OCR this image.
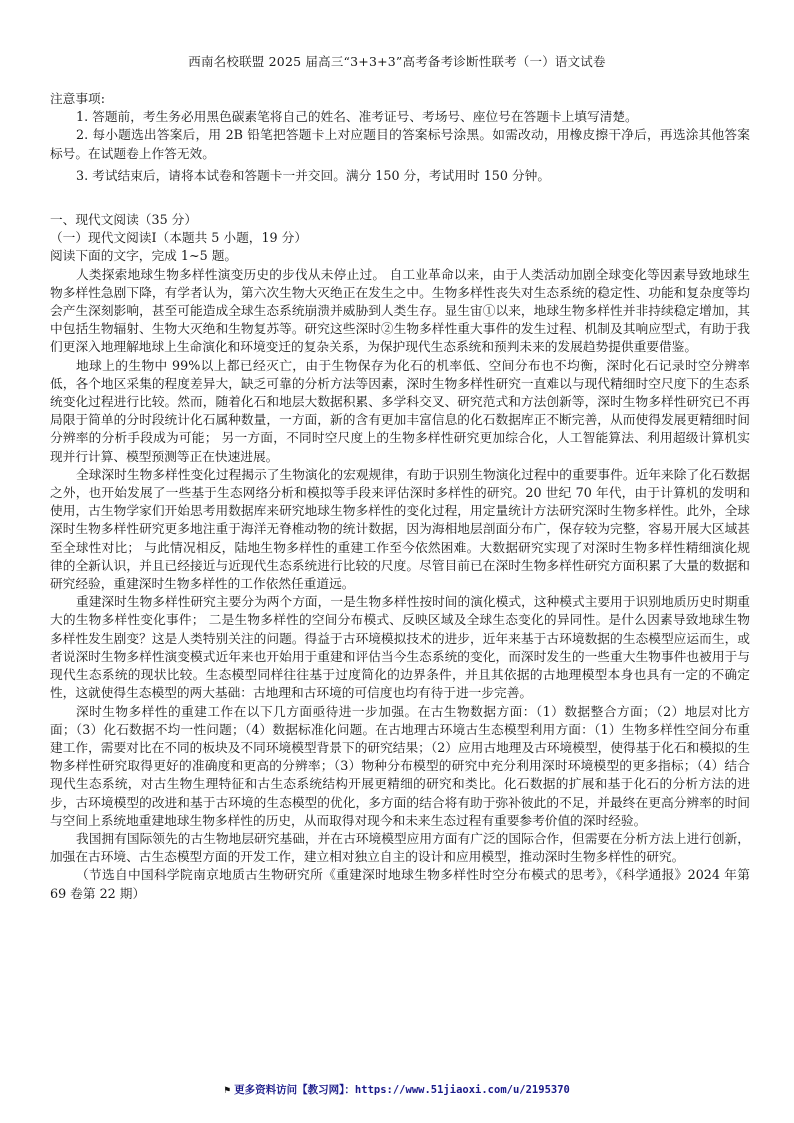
西南名校联盟 2025 届高三“3+3+3”高考备考诊断性联考（一）语文试卷

注意事项:

1. 答题前，考生务必用黑色碳素笔将自己的姓名、准考证号、考场号、座位号在答题卡上填写清楚。

2. 每小题选出答案后，用 2B 铅笔把答题卡上对应题目的答案标号涂黑。如需改动，用橡皮擦干净后，再选涂其他答案标号。在试题卷上作答无效。

3. 考试结束后，请将本试卷和答题卡一并交回。满分 150 分，考试用时 150 分钟。

一、现代文阅读（35 分）

（一）现代文阅读Ⅰ（本题共 5 小题，19 分）

阅读下面的文字，完成 1~5 题。

人类探索地球生物多样性演变历史的步伐从未停止过。 自工业革命以来，由于人类活动加剧全球变化等因素导致地球生物多样性急剧下降，有学者认为，第六次生物大灭绝正在发生之中。生物多样性丧失对生态系统的稳定性、功能和复杂度等均会产生深刻影响，甚至可能造成全球生态系统崩溃并威胁到人类生存。显生宙①以来，地球生物多样性并非持续稳定增加，其中包括生物辐射、生物大灭绝和生物复苏等。研究这些深时②生物多样性重大事件的发生过程、机制及其响应型式，有助于我们更深入地理解地球上生命演化和环境变迁的复杂关系，为保护现代生态系统和预判未来的发展趋势提供重要借鉴。

地球上的生物中 99%以上都已经灭亡，由于生物保存为化石的机率低、空间分布也不均衡，深时化石记录时空分辨率低，各个地区采集的程度差异大，缺乏可靠的分析方法等因素，深时生物多样性研究一直难以与现代精细时空尺度下的生态系统变化过程进行比较。然而，随着化石和地层大数据积累、多学科交叉、研究范式和方法创新等，深时生物多样性研究已不再局限于简单的分时段统计化石属种数量，一方面，新的含有更加丰富信息的化石数据库正不断完善，从而使得发展更精细时间分辨率的分析手段成为可能； 另一方面，不同时空尺度上的生物多样性研究更加综合化，人工智能算法、利用超级计算机实现并行计算、模型预测等正在快速进展。

全球深时生物多样性变化过程揭示了生物演化的宏观规律，有助于识别生物演化过程中的重要事件。近年来除了化石数据之外，也开始发展了一些基于生态网络分析和模拟等手段来评估深时多样性的研究。20 世纪 70 年代，由于计算机的发明和使用，古生物学家们开始思考用数据库来研究地球生物多样性的变化过程，用定量统计方法研究深时生物多样性。此外，全球深时生物多样性研究更多地注重于海洋无脊椎动物的统计数据，因为海相地层剖面分布广，保存较为完整，容易开展大区域甚至全球性对比； 与此情况相反，陆地生物多样性的重建工作至今依然困难。大数据研究实现了对深时生物多样性精细演化规律的全新认识，并且已经接近与近现代生态系统进行比较的尺度。尽管目前已在深时生物多样性研究方面积累了大量的数据和研究经验，重建深时生物多样性的工作依然任重道远。

重建深时生物多样性研究主要分为两个方面，一是生物多样性按时间的演化模式，这种模式主要用于识别地质历史时期重大的生物多样性变化事件； 二是生物多样性的空间分布模式、反映区域及全球生态变化的异同性。是什么因素导致地球生物多样性发生剧变？这是人类特别关注的问题。得益于古环境模拟技术的进步，近年来基于古环境数据的生态模型应运而生，或者说深时生物多样性演变模式近年来也开始用于重建和评估当今生态系统的变化，而深时发生的一些重大生物事件也被用于与现代生态系统的现状比较。生态模型同样往往基于过度简化的边界条件，并且其依据的古地理模型本身也具有一定的不确定性，这就使得生态模型的两大基础：古地理和古环境的可信度也均有待于进一步完善。

深时生物多样性的重建工作在以下几方面亟待进一步加强。在古生物数据方面：（1）数据整合方面；（2）地层对比方面；（3）化石数据不均一性问题；（4）数据标准化问题。在古地理古环境古生态模型利用方面：（1）生物多样性空间分布重建工作，需要对比在不同的板块及不同环境模型背景下的研究结果；（2）应用古地理及古环境模型，使得基于化石和模拟的生物多样性研究取得更好的准确度和更高的分辨率；（3）物种分布模型的研究中充分利用深时环境模型的更多指标；（4）结合现代生态系统，对古生物生理特征和古生态系统结构开展更精细的研究和类比。化石数据的扩展和基于化石的分析方法的进步，古环境模型的改进和基于古环境的生态模型的优化，多方面的结合将有助于弥补彼此的不足，并最终在更高分辨率的时间与空间上系统地重建地球生物多样性的历史，从而取得对现今和未来生态过程有重要参考价值的深时经验。

我国拥有国际领先的古生物地层研究基础，并在古环境模型应用方面有广泛的国际合作，但需要在分析方法上进行创新，加强在古环境、古生态模型方面的开发工作，建立相对独立自主的设计和应用模型，推动深时生物多样性的研究。

（节选自中国科学院南京地质古生物研究所《重建深时地球生物多样性时空分布模式的思考》，《科学通报》2024 年第 69 卷第 22 期）

⚑ 更多资料访问【教习网】：https://www.51jiaoxi.com/u/2195370
